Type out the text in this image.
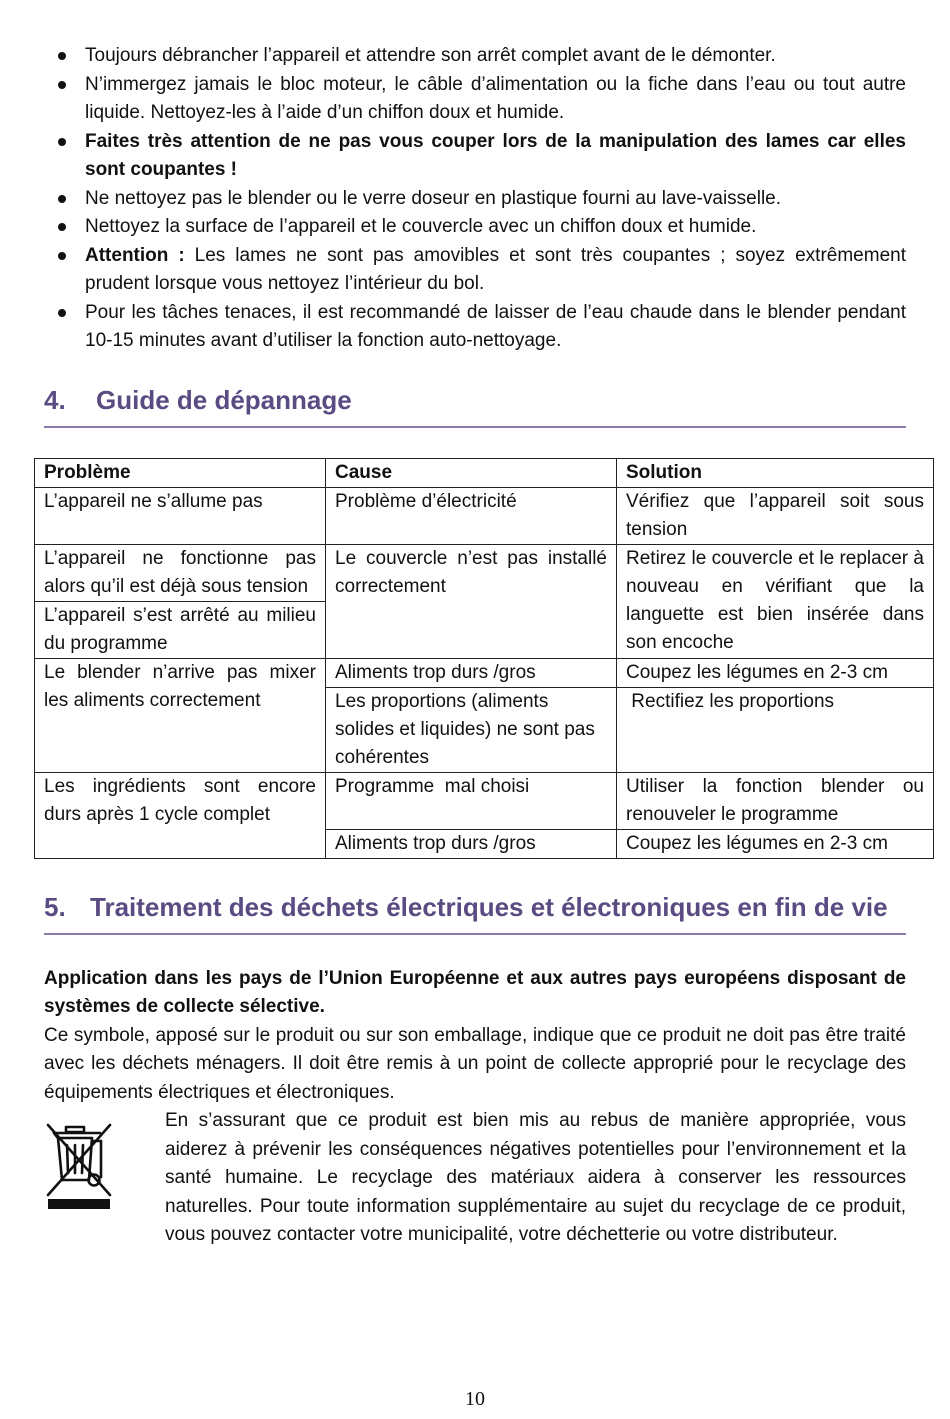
Toujours débrancher l’appareil et attendre son arrêt complet avant de le démonter.
N’immergez jamais le bloc moteur, le câble d’alimentation ou la fiche dans l’eau ou tout autre liquide. Nettoyez-les à l’aide d’un chiffon doux et humide.
Faites très attention de ne pas vous couper lors de la manipulation des lames car elles sont coupantes !
Ne nettoyez pas le blender ou le verre doseur en plastique fourni au lave-vaisselle.
Nettoyez la surface de l’appareil et le couvercle avec un chiffon doux et humide.
Attention : Les lames ne sont pas amovibles et sont très coupantes ; soyez extrêmement prudent lorsque vous nettoyez l’intérieur du bol.
Pour les tâches tenaces, il est recommandé de laisser de l’eau chaude dans le blender pendant 10-15 minutes avant d’utiliser la fonction auto-nettoyage.
4.	Guide de dépannage
Problème	Cause	Solution
L’appareil ne s’allume pas	Problème d’électricité	Vérifiez que l’appareil soit sous tension
L’appareil ne fonctionne pas alors qu’il est déjà sous tension	Le couvercle n’est pas installé correctement	Retirez le couvercle et le replacer à nouveau en vérifiant que la languette est bien insérée dans son encoche
L’appareil s’est arrêté au milieu du programme		
Le blender n’arrive pas mixer les aliments correctement	Aliments trop durs /gros	Coupez les légumes en 2-3 cm
	Les proportions (aliments solides et liquides) ne sont pas cohérentes	Rectifiez les proportions
Les ingrédients sont encore durs après 1 cycle complet	Programme  mal choisi	Utiliser la fonction blender ou renouveler le programme
	Aliments trop durs /gros	Coupez les légumes en 2-3 cm
5. Traitement des déchets électriques et électroniques en fin de vie
Application dans les pays de l’Union Européenne et aux autres pays européens disposant de systèmes de collecte sélective.
Ce symbole, apposé sur le produit ou sur son emballage, indique que ce produit ne doit pas être traité avec les déchets ménagers. Il doit être remis à un point de collecte approprié pour le recyclage des équipements électriques et électroniques.
En s’assurant que ce produit est bien mis au rebus de manière appropriée, vous aiderez à prévenir les conséquences négatives potentielles pour l’environnement et la santé humaine. Le recyclage des matériaux aidera à conserver les ressources naturelles. Pour toute information supplémentaire au sujet du recyclage de ce produit, vous pouvez contacter votre municipalité, votre déchetterie ou votre distributeur.
10
